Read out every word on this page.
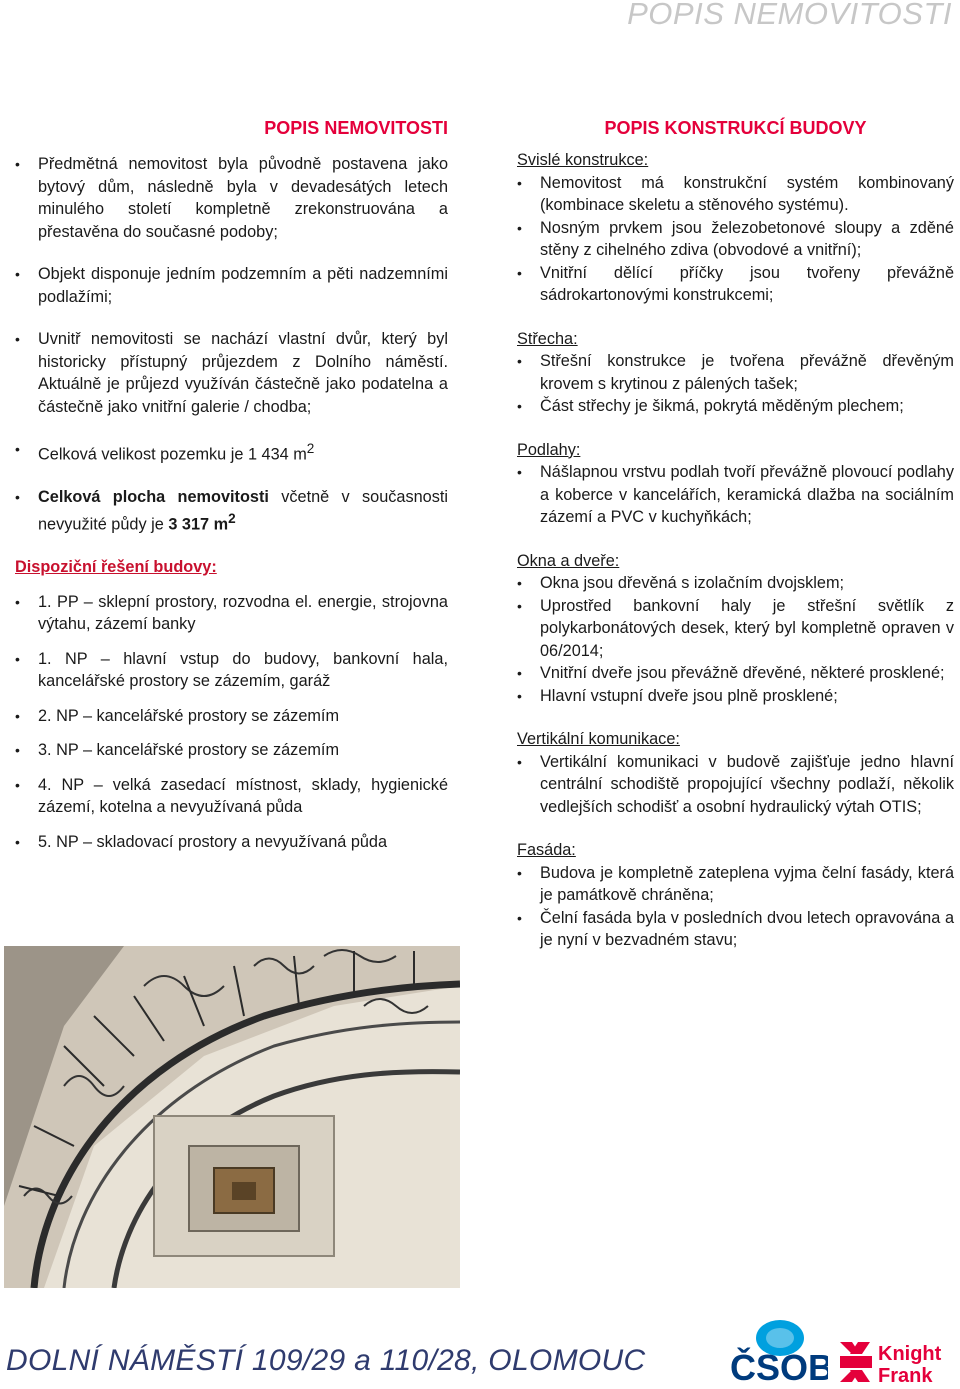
POPIS NEMOVITOSTI
POPIS NEMOVITOSTI
• Předmětná nemovitost byla původně postavena jako bytový dům, následně byla v devadesátých letech minulého století kompletně zrekonstruována a přestavěna do současné podoby;
• Objekt disponuje jedním podzemním a pěti nadzemními podlažími;
• Uvnitř nemovitosti se nachází vlastní dvůr, který byl historicky přístupný průjezdem z Dolního náměstí. Aktuálně je průjezd využíván částečně jako podatelna a částečně jako vnitřní galerie / chodba;
• Celková velikost pozemku je 1 434 $m^2$
• Celková plocha nemovitosti včetně v současnosti nevyužité půdy je 3 317 $m^2$
Dispoziční řešení budovy:
• 1. PP – sklepní prostory, rozvodna el. energie, strojovna výtahu, zázemí banky
• 1. NP – hlavní vstup do budovy, bankovní hala, kancelářské prostory se zázemím, garáž
• 2. NP – kancelářské prostory se zázemím
• 3. NP – kancelářské prostory se zázemím
• 4. NP – velká zasedací místnost, sklady, hygienické zázemí, kotelna a nevyužívaná půda
• 5. NP – skladovací prostory a nevyužívaná půda
POPIS KONSTRUKCÍ BUDOVY
Svislé konstrukce:
• Nemovitost má konstrukční systém kombinovaný (kombinace skeletu a stěnového systému).
• Nosným prvkem jsou železobetonové sloupy a zděné stěny z cihelného zdiva (obvodové a vnitřní);
• Vnitřní dělící příčky jsou tvořeny převážně sádrokartonovými konstrukcemi;
Střecha:
• Střešní konstrukce je tvořena převážně dřevěným krovem s krytinou z pálených tašek;
• Část střechy je šikmá, pokrytá měděným plechem;
Podlahy:
• Nášlapnou vrstvu podlah tvoří převážně plovoucí podlahy a koberce v kancelářích, keramická dlažba na sociálním zázemí a PVC v kuchyňkách;
Okna a dveře:
• Okna jsou dřevěná s izolačním dvojsklem;
• Uprostřed bankovní haly je střešní světlík z polykarbonátových desek, který byl kompletně opraven v 06/2014;
• Vnitřní dveře jsou převážně dřevěné, některé prosklené;
• Hlavní vstupní dveře jsou plně prosklené;
Vertikální komunikace:
• Vertikální komunikaci v budově zajišťuje jedno hlavní centrální schodiště propojující všechny podlaží, několik vedlejších schodišť a osobní hydraulický výtah OTIS;
Fasáda:
• Budova je kompletně zateplena vyjma čelní fasády, která je památkově chráněna;
• Čelní fasáda byla v posledních dvou letech opravována a je nyní v bezvadném stavu;
DOLNÍ NÁMĚSTÍ 109/29 a 110/28, OLOMOUC ČSOB Knight
Frank
